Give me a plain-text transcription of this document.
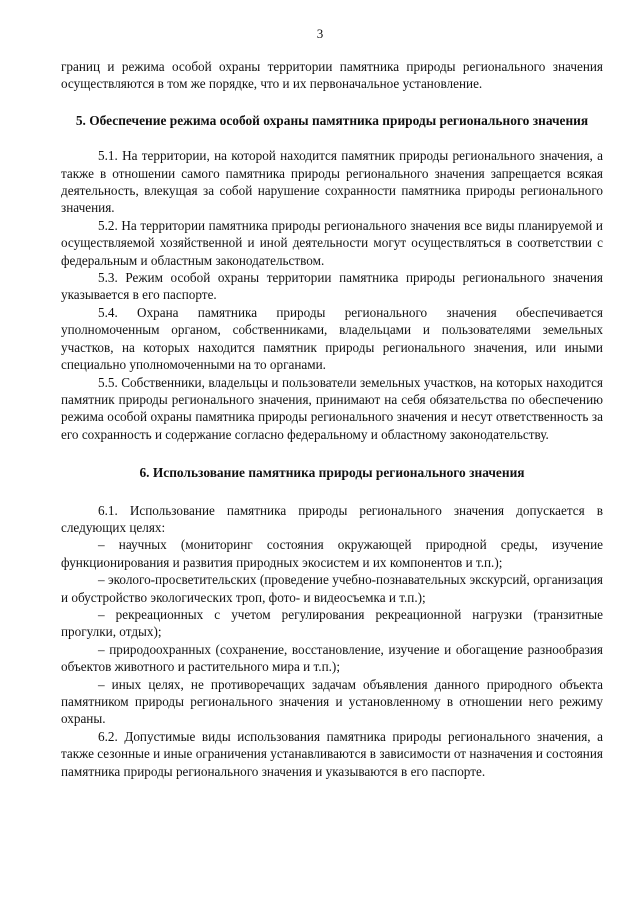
3

границ и режима особой охраны территории памятника природы регионального значения осуществляются в том же порядке, что и их первоначальное установление.

5. Обеспечение режима особой охраны памятника природы регионального значения

5.1. На территории, на которой находится памятник природы регионального значения, а также в отношении самого памятника природы регионального значения запрещается всякая деятельность, влекущая за собой нарушение сохранности памятника природы регионального значения.

5.2. На территории памятника природы регионального значения все виды планируемой и осуществляемой хозяйственной и иной деятельности могут осуществляться в соответствии с федеральным и областным законодательством.

5.3. Режим особой охраны территории памятника природы регионального значения указывается в его паспорте.

5.4. Охрана памятника природы регионального значения обеспечивается уполномоченным органом, собственниками, владельцами и пользователями земельных участков, на которых находится памятник природы регионального значения, или иными специально уполномоченными на то органами.

5.5. Собственники, владельцы и пользователи земельных участков, на которых находится памятник природы регионального значения, принимают на себя обязательства по обеспечению режима особой охраны памятника природы регионального значения и несут ответственность за его сохранность и содержание согласно федеральному и областному законодательству.

6. Использование памятника природы регионального значения

6.1. Использование памятника природы регионального значения допускается в следующих целях:

– научных (мониторинг состояния окружающей природной среды, изучение функционирования и развития природных экосистем и их компонентов и т.п.);

– эколого-просветительских (проведение учебно-познавательных экскурсий, организация и обустройство экологических троп, фото- и видеосъемка и т.п.);

– рекреационных с учетом регулирования рекреационной нагрузки (транзитные прогулки, отдых);

– природоохранных (сохранение, восстановление, изучение и обогащение разнообразия объектов животного и растительного мира и т.п.);

– иных целях, не противоречащих задачам объявления данного природного объекта памятником природы регионального значения и установленному в отношении него режиму охраны.

6.2. Допустимые виды использования памятника природы регионального значения, а также сезонные и иные ограничения устанавливаются в зависимости от назначения и состояния памятника природы регионального значения и указываются в его паспорте.
